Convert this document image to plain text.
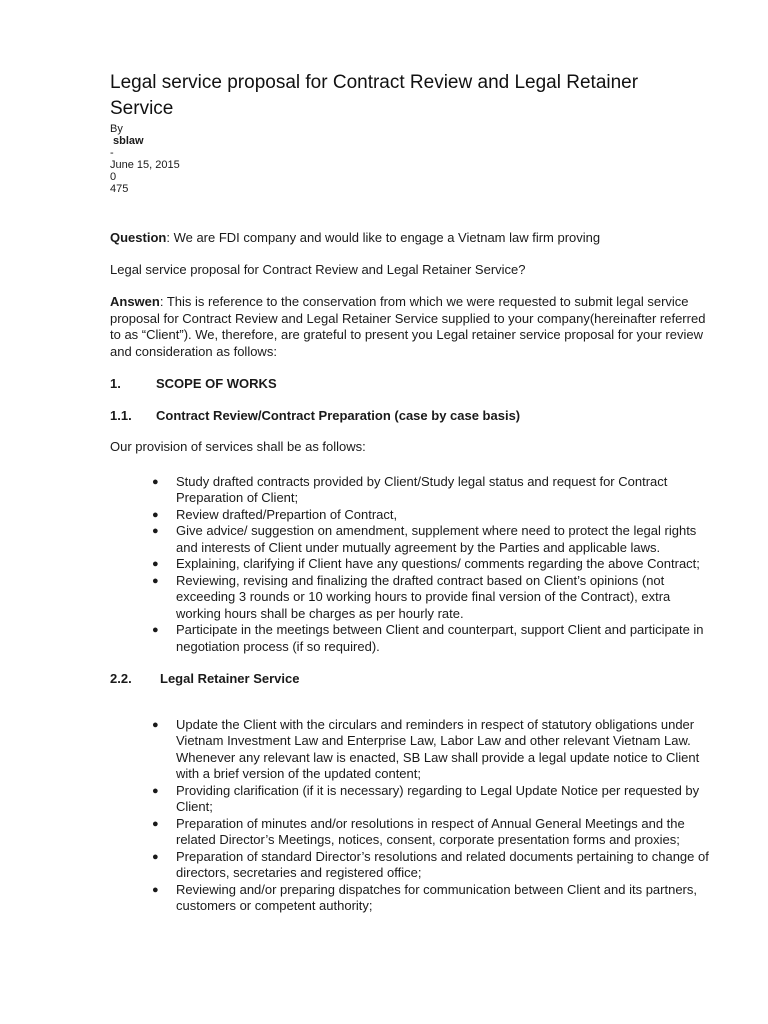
Legal service proposal for Contract Review and Legal Retainer Service
By
sblaw
-
June 15, 2015
0
475

Question: We are FDI company and would like to engage a Vietnam law firm proving

Legal service proposal for Contract Review and Legal Retainer Service?

Answen: This is reference to the conservation from which we were requested to submit legal service proposal for Contract Review and Legal Retainer Service supplied to your company(hereinafter referred to as “Client”). We, therefore, are grateful to present you Legal retainer service proposal for your review and consideration as follows:

1.	SCOPE OF WORKS
1.1.	Contract Review/Contract Preparation (case by case basis)

Our provision of services shall be as follows:

● Study drafted contracts provided by Client/Study legal status and request for Contract Preparation of Client;
● Review drafted/Prepartion of Contract,
● Give advice/ suggestion on amendment, supplement where need to protect the legal rights and interests of Client under mutually agreement by the Parties and applicable laws.
● Explaining, clarifying if Client have any questions/ comments regarding the above Contract;
● Reviewing, revising and finalizing the drafted contract based on Client’s opinions (not exceeding 3 rounds or 10 working hours to provide final version of the Contract), extra working hours shall be charges as per hourly rate.
● Participate in the meetings between Client and counterpart, support Client and participate in negotiation process (if so required).
2.2.	Legal Retainer Service
● Update the Client with the circulars and reminders in respect of statutory obligations under Vietnam Investment Law and Enterprise Law, Labor Law and other relevant Vietnam Law. Whenever any relevant law is enacted, SB Law shall provide a legal update notice to Client with a brief version of the updated content;
● Providing clarification (if it is necessary) regarding to Legal Update Notice per requested by Client;
● Preparation of minutes and/or resolutions in respect of Annual General Meetings and the related Director’s Meetings, notices, consent, corporate presentation forms and proxies;
● Preparation of standard Director’s resolutions and related documents pertaining to change of directors, secretaries and registered office;
● Reviewing and/or preparing dispatches for communication between Client and its partners, customers or competent authority;
